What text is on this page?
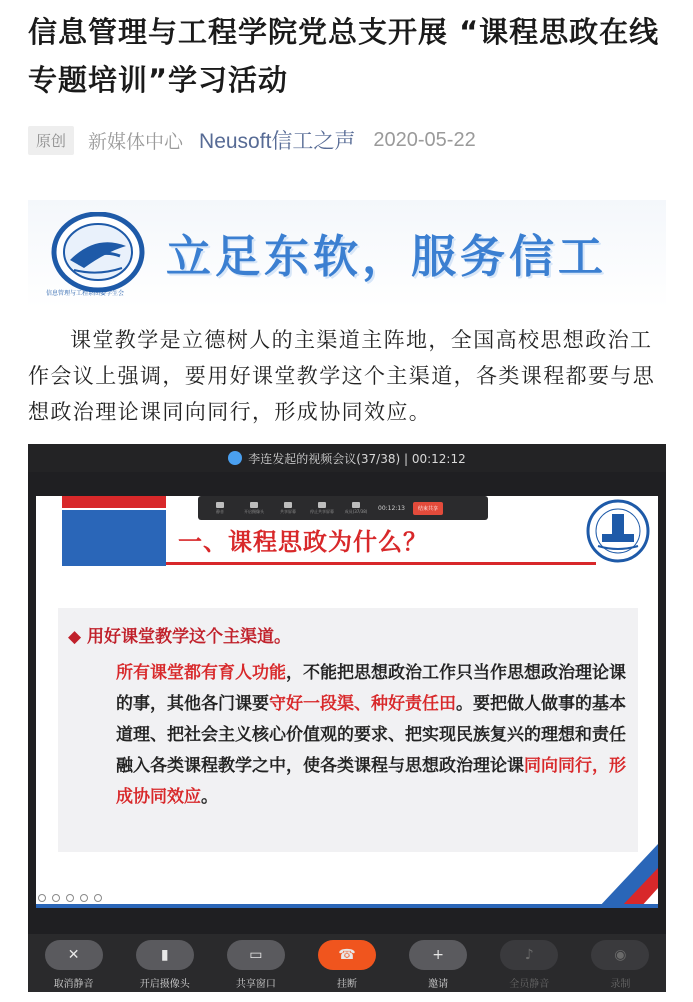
信息管理与工程学院党总支开展 “课程思政在线专题培训”学习活动
原创	新媒体中心 Neusoft信工之声 2020-05-22
信息管理与工程系团委学生会
立足东软，服务信工

课堂教学是立德树人的主渠道主阵地，全国高校思想政治工作会议上强调，要用好课堂教学这个主渠道，各类课程都要与思想政治理论课同向同行，形成协同效应。

李连发起的视频会议(37/38) | 00:12:12
一、课程思政为什么？
◆ 用好课堂教学这个主渠道。
所有课堂都有育人功能，不能把思想政治工作只当作思想政治理论课的事，其他各门课要守好一段渠、种好责任田。要把做人做事的基本道理、把社会主义核心价值观的要求、把实现民族复兴的理想和责任融入各类课程教学之中，使各类课程与思想政治理论课同向同行，形成协同效应。
静音	开启摄像头	共享屏幕	停止共享屏幕	成员(37/38) 00:12:13	结束共享
✕
取消静音
▮
开启摄像头
▭
共享窗口
☎
挂断
+
邀请
♪
全员静音
◉
录制
